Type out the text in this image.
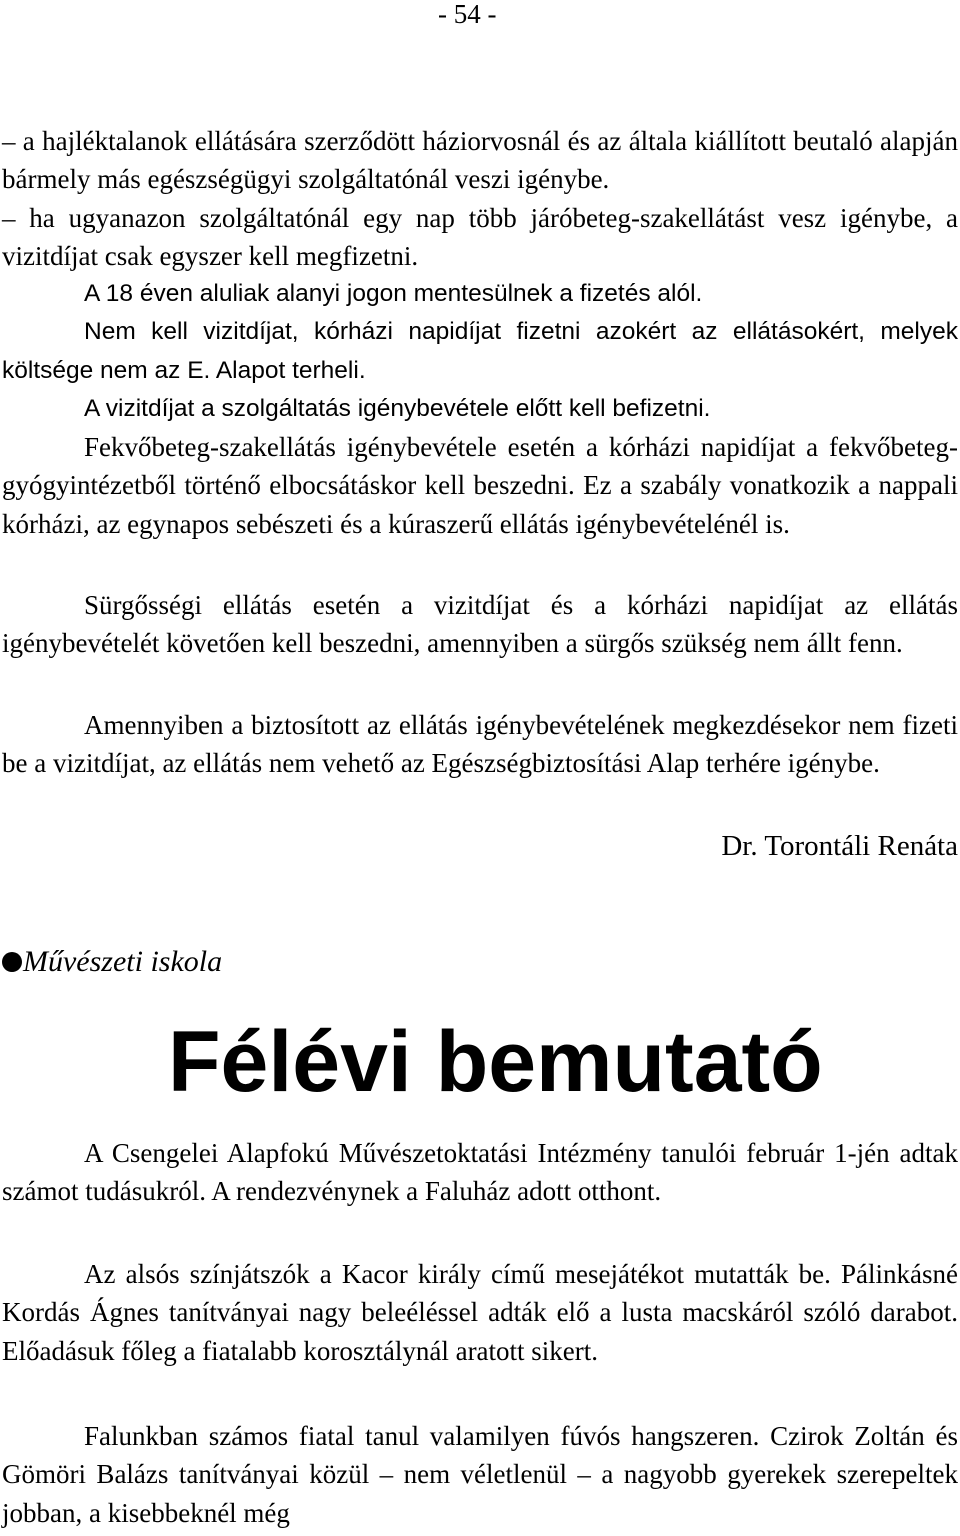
- 54 -

– a hajléktalanok ellátására szerződött háziorvosnál és az általa kiállított beutaló alapján bármely más egészségügyi szolgáltatónál veszi igénybe.

– ha ugyanazon szolgáltatónál egy nap több járóbeteg-szakellátást vesz igénybe, a vizitdíjat csak egyszer kell megfizetni.

A 18 éven aluliak alanyi jogon mentesülnek a fizetés alól.

Nem kell vizitdíjat, kórházi napidíjat fizetni azokért az ellátásokért, melyek költsége nem az E. Alapot terheli.

A vizitdíjat a szolgáltatás igénybevétele előtt kell befizetni.

Fekvőbeteg-szakellátás igénybevétele esetén a kórházi napidíjat a fekvőbeteg-gyógyintézetből történő elbocsátáskor kell beszedni. Ez a szabály vonatkozik a nappali kórházi, az egynapos sebészeti és a kúraszerű ellátás igénybevételénél is.

Sürgősségi ellátás esetén a vizitdíjat és a kórházi napidíjat az ellátás igénybevételét követően kell beszedni, amennyiben a sürgős szükség nem állt fenn.

Amennyiben a biztosított az ellátás igénybevételének megkezdésekor nem fizeti be a vizitdíjat, az ellátás nem vehető az Egészségbiztosítási Alap terhére igénybe.

Dr. Torontáli Renáta
Művészeti iskola
Félévi bemutató

A Csengelei Alapfokú Művészetoktatási Intézmény tanulói február 1-jén adtak számot tudásukról. A rendezvénynek a Faluház adott otthont.

Az alsós színjátszók a Kacor király című mesejátékot mutatták be. Pálinkásné Kordás Ágnes tanítványai nagy beleéléssel adták elő a lusta macskáról szóló darabot. Előadásuk főleg a fiatalabb korosztálynál aratott sikert.

Falunkban számos fiatal tanul valamilyen fúvós hangszeren. Czirok Zoltán és Gömöri Balázs tanítványai közül – nem véletlenül – a nagyobb gyerekek szerepeltek jobban, a kisebbeknél még
